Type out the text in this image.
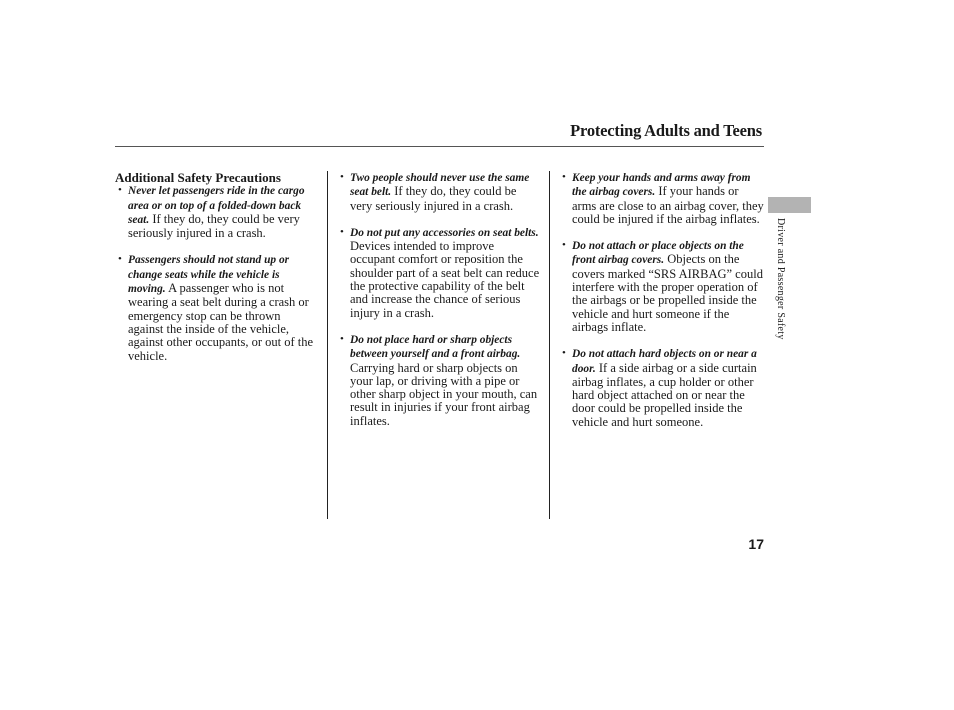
Protecting Adults and Teens
Driver and Passenger Safety
Additional Safety Precautions
• Never let passengers ride in the cargo area or on top of a folded-down back seat. If they do, they could be very seriously injured in a crash.
• Passengers should not stand up or change seats while the vehicle is moving. A passenger who is not wearing a seat belt during a crash or emergency stop can be thrown against the inside of the vehicle, against other occupants, or out of the vehicle.
• Two people should never use the same seat belt. If they do, they could be very seriously injured in a crash.
• Do not put any accessories on seat belts. Devices intended to improve occupant comfort or reposition the shoulder part of a seat belt can reduce the protective capability of the belt and increase the chance of serious injury in a crash.
• Do not place hard or sharp objects between yourself and a front airbag. Carrying hard or sharp objects on your lap, or driving with a pipe or other sharp object in your mouth, can result in injuries if your front airbag inflates.
• Keep your hands and arms away from the airbag covers. If your hands or arms are close to an airbag cover, they could be injured if the airbag inflates.
• Do not attach or place objects on the front airbag covers. Objects on the covers marked “SRS AIRBAG” could interfere with the proper operation of the airbags or be propelled inside the vehicle and hurt someone if the airbags inflate.
• Do not attach hard objects on or near a door. If a side airbag or a side curtain airbag inflates, a cup holder or other hard object attached on or near the door could be propelled inside the vehicle and hurt someone.
17
